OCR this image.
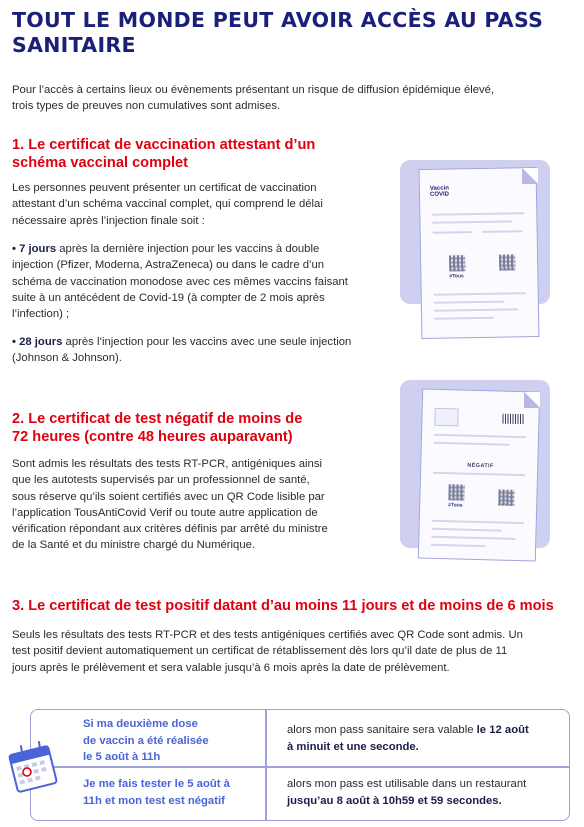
TOUT LE MONDE PEUT AVOIR ACCÈS AU PASS
SANITAIRE
Pour l’accès à certains lieux ou évènements présentant un risque de diffusion épidémique élevé,
trois types de preuves non cumulatives sont admises.
1. Le certificat de vaccination attestant d’un
schéma vaccinal complet
Les personnes peuvent présenter un certificat de vaccination
attestant d’un schéma vaccinal complet, qui comprend le délai
nécessaire après l’injection finale soit :
• 7 jours après la dernière injection pour les vaccins à double
injection (Pfizer, Moderna, AstraZeneca) ou dans le cadre d’un
schéma de vaccination monodose avec ces mêmes vaccins faisant
suite à un antécédent de Covid-19 (à compter de 2 mois après
l’infection) ;
• 28 jours après l’injection pour les vaccins avec une seule injection
(Johnson & Johnson).
Vaccin
COVID
#Tous
2. Le certificat de test négatif de moins de
72 heures (contre 48 heures auparavant)
Sont admis les résultats des tests RT-PCR, antigéniques ainsi
que les autotests supervisés par un professionnel de santé,
sous réserve qu’ils soient certifiés avec un QR Code lisible par
l’application TousAntiCovid Verif ou toute autre application de
vérification répondant aux critères définis par arrêté du ministre
de la Santé et du ministre chargé du Numérique.
NÉGATIF
#Tous
3. Le certificat de test positif datant d’au moins 11 jours et de moins de 6 mois
Seuls les résultats des tests RT-PCR et des tests antigéniques certifiés avec QR Code sont admis. Un
test positif devient automatiquement un certificat de rétablissement dès lors qu’il date de plus de 11
jours après le prélèvement et sera valable jusqu’à 6 mois après la date de prélèvement.
Si ma deuxième dose
de vaccin a été réalisée
le 5 août à 11h
alors mon pass sanitaire sera valable le 12 août
à minuit et une seconde.
Je me fais tester le 5 août à
11h et mon test est négatif
alors mon pass est utilisable dans un restaurant
jusqu’au 8 août à 10h59 et 59 secondes.
